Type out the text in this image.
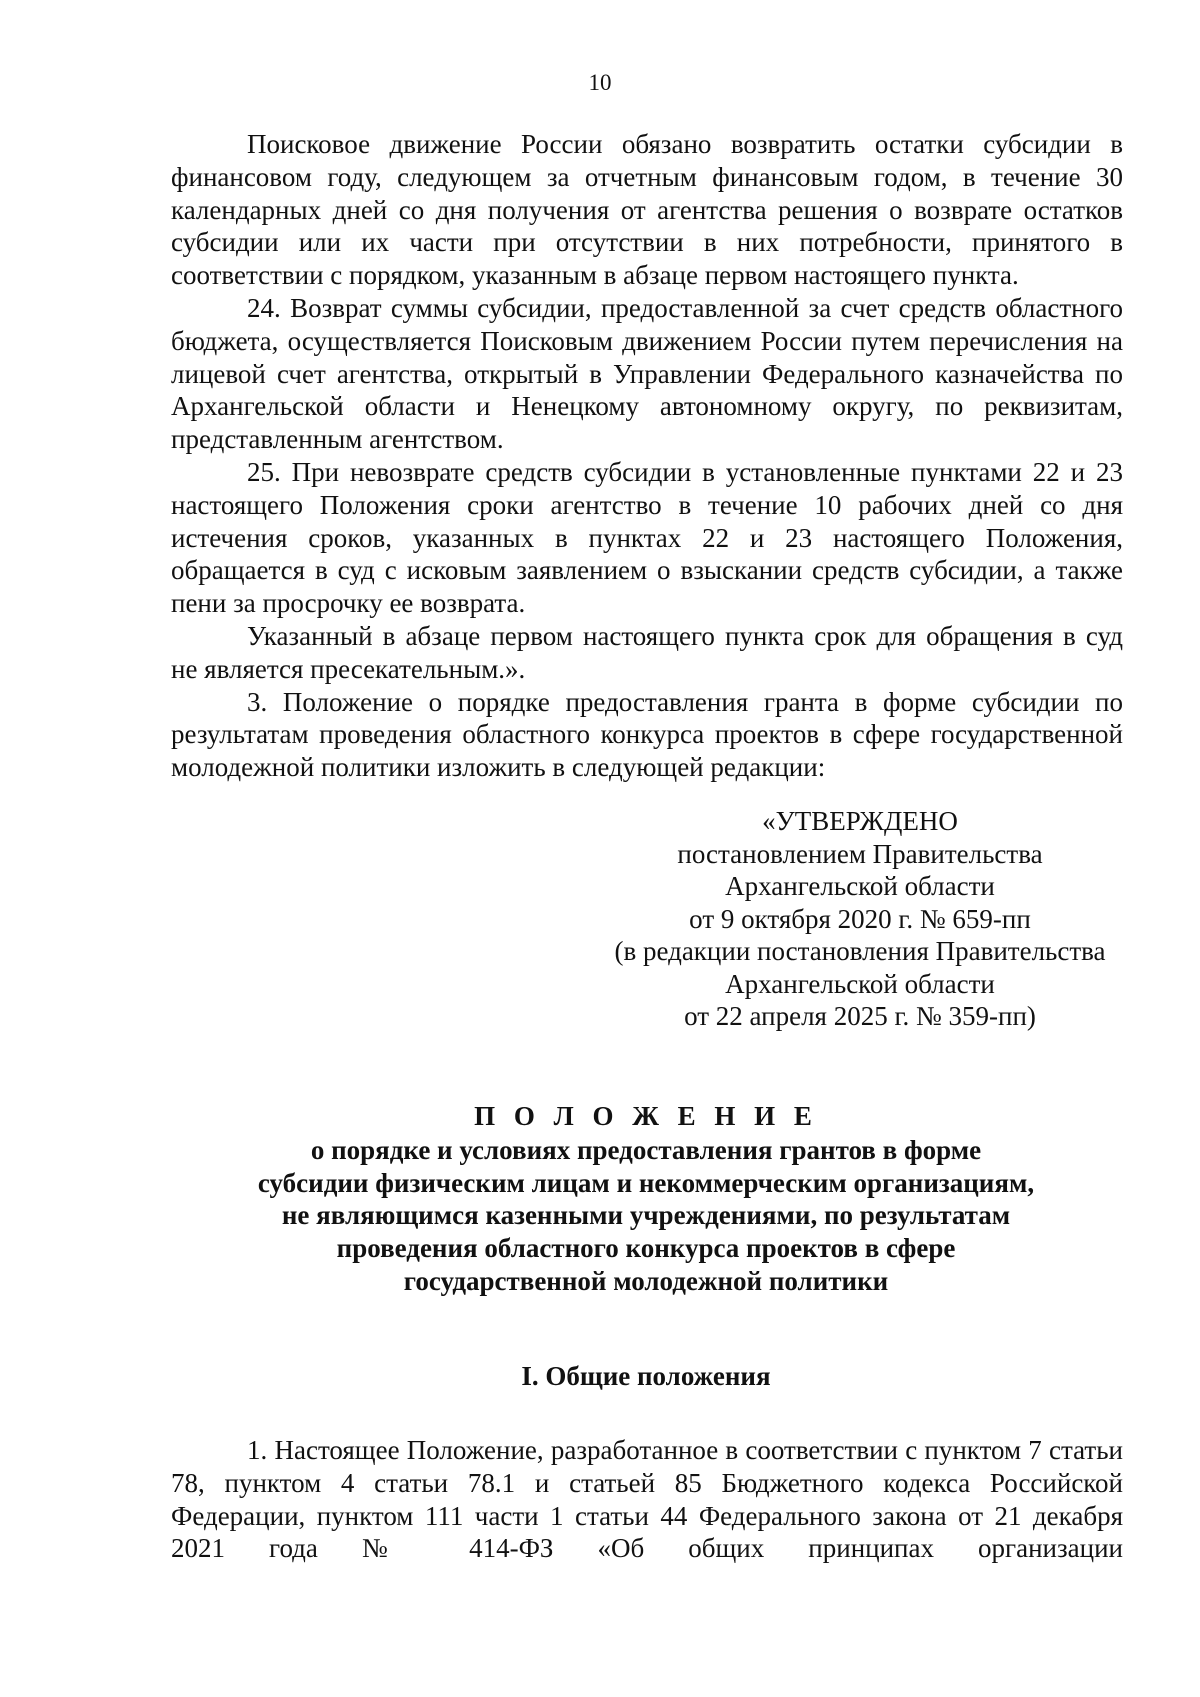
10

Поисковое движение России обязано возвратить остатки субсидии в финансовом году, следующем за отчетным финансовым годом, в течение 30 календарных дней со дня получения от агентства решения о возврате остатков субсидии или их части при отсутствии в них потребности, принятого в соответствии с порядком, указанным в абзаце первом настоящего пункта.

24. Возврат суммы субсидии, предоставленной за счет средств областного бюджета, осуществляется Поисковым движением России путем перечисления на лицевой счет агентства, открытый в Управлении Федерального казначейства по Архангельской области и Ненецкому автономному округу, по реквизитам, представленным агентством.

25. При невозврате средств субсидии в установленные пунктами 22 и 23 настоящего Положения сроки агентство в течение 10 рабочих дней со дня истечения сроков, указанных в пунктах 22 и 23 настоящего Положения, обращается в суд с исковым заявлением о взыскании средств субсидии, а также пени за просрочку ее возврата.

Указанный в абзаце первом настоящего пункта срок для обращения в суд не является пресекательным.».

3. Положение о порядке предоставления гранта в форме субсидии по результатам проведения областного конкурса проектов в сфере государственной молодежной политики изложить в следующей редакции:

«УТВЕРЖДЕНО
постановлением Правительства
Архангельской области
от 9 октября 2020 г. № 659-пп
(в редакции постановления Правительства
Архангельской области
от 22 апреля 2025 г. № 359-пп)
П О Л О Ж Е Н И Е
о порядке и условиях предоставления грантов в форме
субсидии физическим лицам и некоммерческим организациям,
не являющимся казенными учреждениями, по результатам
проведения областного конкурса проектов в сфере
государственной молодежной политики
I. Общие положения

1. Настоящее Положение, разработанное в соответствии с пунктом 7 статьи 78, пунктом 4 статьи 78.1 и статьей 85 Бюджетного кодекса Российской Федерации, пунктом 111 части 1 статьи 44 Федерального закона от 21 декабря 2021 года № 414-ФЗ «Об общих принципах организации
